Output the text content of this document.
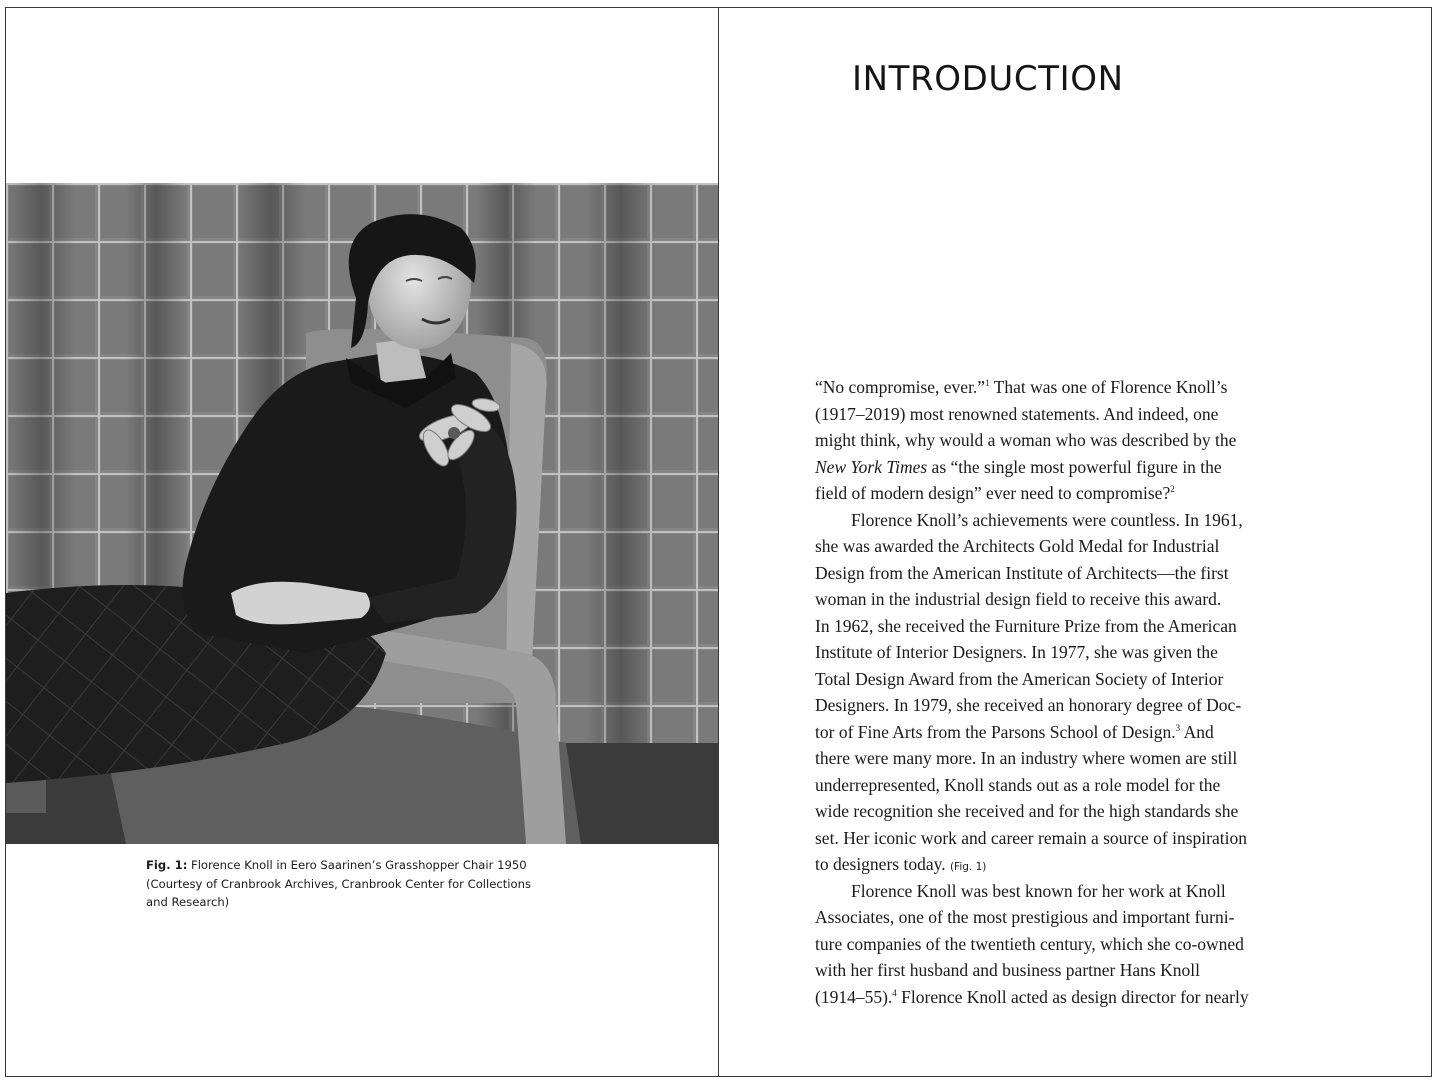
Fig. 1: Florence Knoll in Eero Saarinen’s Grasshopper Chair 1950
(Courtesy of Cranbrook Archives, Cranbrook Center for Collections
and Research)
INTRODUCTION
“No compromise, ever.”$^1$ That was one of Florence Knoll’s
(1917–2019) most renowned statements. And indeed, one
might think, why would a woman who was described by the
New York Times as “the single most powerful figure in the
field of modern design” ever need to compromise?$^2$
Florence Knoll’s achievements were countless. In 1961,
she was awarded the Architects Gold Medal for Industrial
Design from the American Institute of Architects—the first
woman in the industrial design field to receive this award.
In 1962, she received the Furniture Prize from the American
Institute of Interior Designers. In 1977, she was given the
Total Design Award from the American Society of Interior
Designers. In 1979, she received an honorary degree of Doc-
tor of Fine Arts from the Parsons School of Design.$^3$ And
there were many more. In an industry where women are still
underrepresented, Knoll stands out as a role model for the
wide recognition she received and for the high standards she
set. Her iconic work and career remain a source of inspiration
to designers today. (Fig. 1)
Florence Knoll was best known for her work at Knoll
Associates, one of the most prestigious and important furni-
ture companies of the twentieth century, which she co-owned
with her first husband and business partner Hans Knoll
(1914–55).$^4$ Florence Knoll acted as design director for nearly
